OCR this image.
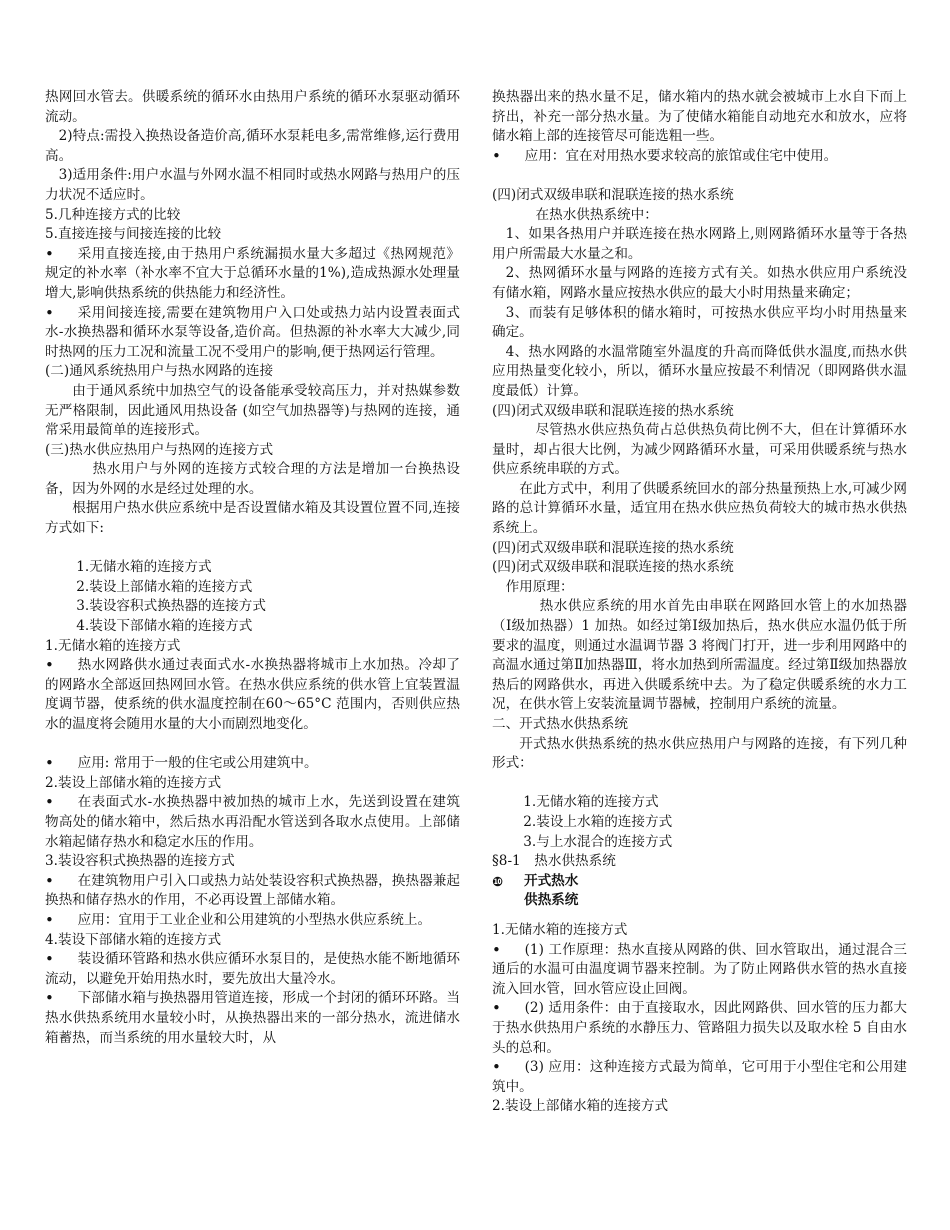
热网回水管去。供暖系统的循环水由热用户系统的循环水泵驱动循环流动。
2)特点:需投入换热设备造价高,循环水泵耗电多,需常维修,运行费用高。
3)适用条件:用户水温与外网水温不相同时或热水网路与热用户的压力状况不适应时。
5.几种连接方式的比较
5.直接连接与间接连接的比较
• 采用直接连接,由于热用户系统漏损水量大多超过《热网规范》规定的补水率（补水率不宜大于总循环水量的1%),造成热源水处理量增大,影响供热系统的供热能力和经济性。
• 采用间接连接,需要在建筑物用户入口处或热力站内设置表面式水-水换热器和循环水泵等设备,造价高。但热源的补水率大大减少,同时热网的压力工况和流量工况不受用户的影响,便于热网运行管理。
(二)通风系统热用户与热水网路的连接
由于通风系统中加热空气的设备能承受较高压力，并对热媒参数无严格限制，因此通风用热设备 (如空气加热器等)与热网的连接，通常采用最简单的连接形式。
(三)热水供应热用户与热网的连接方式
热水用户与外网的连接方式较合理的方法是增加一台换热设备，因为外网的水是经过处理的水。
根据用户热水供应系统中是否设置储水箱及其设置位置不同,连接方式如下:
1.无储水箱的连接方式
2.装设上部储水箱的连接方式
3.装设容积式换热器的连接方式
4.装设下部储水箱的连接方式
1.无储水箱的连接方式
• 热水网路供水通过表面式水-水换热器将城市上水加热。冷却了的网路水全部返回热网回水管。在热水供应系统的供水管上宜装置温度调节器，使系统的供水温度控制在60～65°C 范围内，否则供应热水的温度将会随用水量的大小而剧烈地变化。
• 应用: 常用于一般的住宅或公用建筑中。
2.装设上部储水箱的连接方式
• 在表面式水-水换热器中被加热的城市上水，先送到设置在建筑物高处的储水箱中，然后热水再沿配水管送到各取水点使用。上部储水箱起储存热水和稳定水压的作用。
3.装设容积式换热器的连接方式
• 在建筑物用户引入口或热力站处装设容积式换热器，换热器兼起换热和储存热水的作用，不必再设置上部储水箱。
• 应用：宜用于工业企业和公用建筑的小型热水供应系统上。
4.装设下部储水箱的连接方式
• 装设循环管路和热水供应循环水泵目的，是使热水能不断地循环流动，以避免开始用热水时，要先放出大量冷水。
• 下部储水箱与换热器用管道连接，形成一个封闭的循环环路。当热水供热系统用水量较小时，从换热器出来的一部分热水，流进储水箱蓄热，而当系统的用水量较大时，从
换热器出来的热水量不足，储水箱内的热水就会被城市上水自下而上挤出，补充一部分热水量。为了使储水箱能自动地充水和放水，应将储水箱上部的连接管尽可能选粗一些。
• 应用：宜在对用热水要求较高的旅馆或住宅中使用。
(四)闭式双级串联和混联连接的热水系统
在热水供热系统中：
1、如果各热用户并联连接在热水网路上,则网路循环水量等于各热用户所需最大水量之和。
2、热网循环水量与网路的连接方式有关。如热水供应用户系统没有储水箱，网路水量应按热水供应的最大小时用热量来确定；
3、而装有足够体积的储水箱时，可按热水供应平均小时用热量来确定。
4、热水网路的水温常随室外温度的升高而降低供水温度,而热水供应用热量变化较小，所以，循环水量应按最不利情况（即网路供水温度最低）计算。
(四)闭式双级串联和混联连接的热水系统
尽管热水供应热负荷占总供热负荷比例不大，但在计算循环水量时，却占很大比例，为减少网路循环水量，可采用供暖系统与热水供应系统串联的方式。
在此方式中，利用了供暖系统回水的部分热量预热上水,可减少网路的总计算循环水量，适宜用在热水供应热负荷较大的城市热水供热系统上。
(四)闭式双级串联和混联连接的热水系统
(四)闭式双级串联和混联连接的热水系统
作用原理：
热水供应系统的用水首先由串联在网路回水管上的水加热器（Ⅰ级加热器）1 加热。如经过第Ⅰ级加热后，热水供应水温仍低于所要求的温度，则通过水温调节器 3 将阀门打开，进一步利用网路中的高温水通过第Ⅱ加热器Ⅲ，将水加热到所需温度。经过第Ⅱ级加热器放热后的网路供水，再进入供暖系统中去。为了稳定供暖系统的水力工况，在供水管上安装流量调节器械，控制用户系统的流量。
二、开式热水供热系统
开式热水供热系统的热水供应热用户与网路的连接，有下列几种形式：
1.无储水箱的连接方式
2.装设上水箱的连接方式
3.与上水混合的连接方式
§8-1　热水供热系统
❿ 开式热水
供热系统
1.无储水箱的连接方式
• (1) 工作原理：热水直接从网路的供、回水管取出，通过混合三通后的水温可由温度调节器来控制。为了防止网路供水管的热水直接流入回水管，回水管应设止回阀。
• (2) 适用条件：由于直接取水，因此网路供、回水管的压力都大于热水供热用户系统的水静压力、管路阻力损失以及取水栓 5 自由水头的总和。
• (3) 应用：这种连接方式最为简单，它可用于小型住宅和公用建筑中。
2.装设上部储水箱的连接方式
